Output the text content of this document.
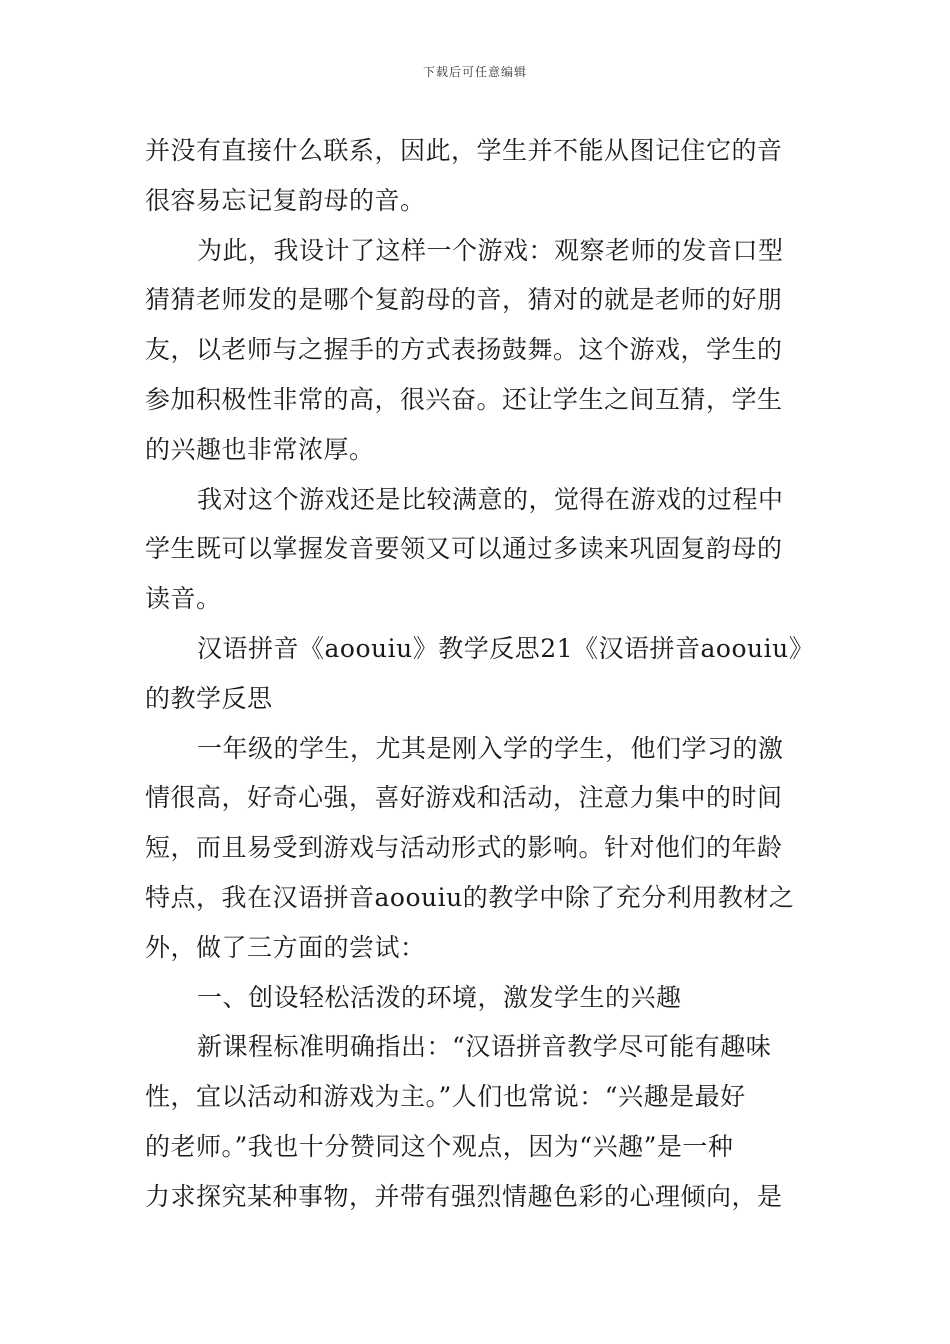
下载后可任意编辑
并没有直接什么联系，因此，学生并不能从图记住它的音
很容易忘记复韵母的音。
为此，我设计了这样一个游戏：观察老师的发音口型
猜猜老师发的是哪个复韵母的音，猜对的就是老师的好朋
友，以老师与之握手的方式表扬鼓舞。这个游戏，学生的
参加积极性非常的高，很兴奋。还让学生之间互猜，学生
的兴趣也非常浓厚。
我对这个游戏还是比较满意的，觉得在游戏的过程中
学生既可以掌握发音要领又可以通过多读来巩固复韵母的
读音。
汉语拼音《aoouiu》教学反思21《汉语拼音aoouiu》
的教学反思
一年级的学生，尤其是刚入学的学生，他们学习的激
情很高，好奇心强，喜好游戏和活动，注意力集中的时间
短，而且易受到游戏与活动形式的影响。针对他们的年龄
特点，我在汉语拼音aoouiu的教学中除了充分利用教材之
外，做了三方面的尝试：
一、创设轻松活泼的环境，激发学生的兴趣
新课程标准明确指出：“汉语拼音教学尽可能有趣味
性，宜以活动和游戏为主。”人们也常说：“兴趣是最好
的老师。”我也十分赞同这个观点，因为“兴趣”是一种
力求探究某种事物，并带有强烈情趣色彩的心理倾向，是
